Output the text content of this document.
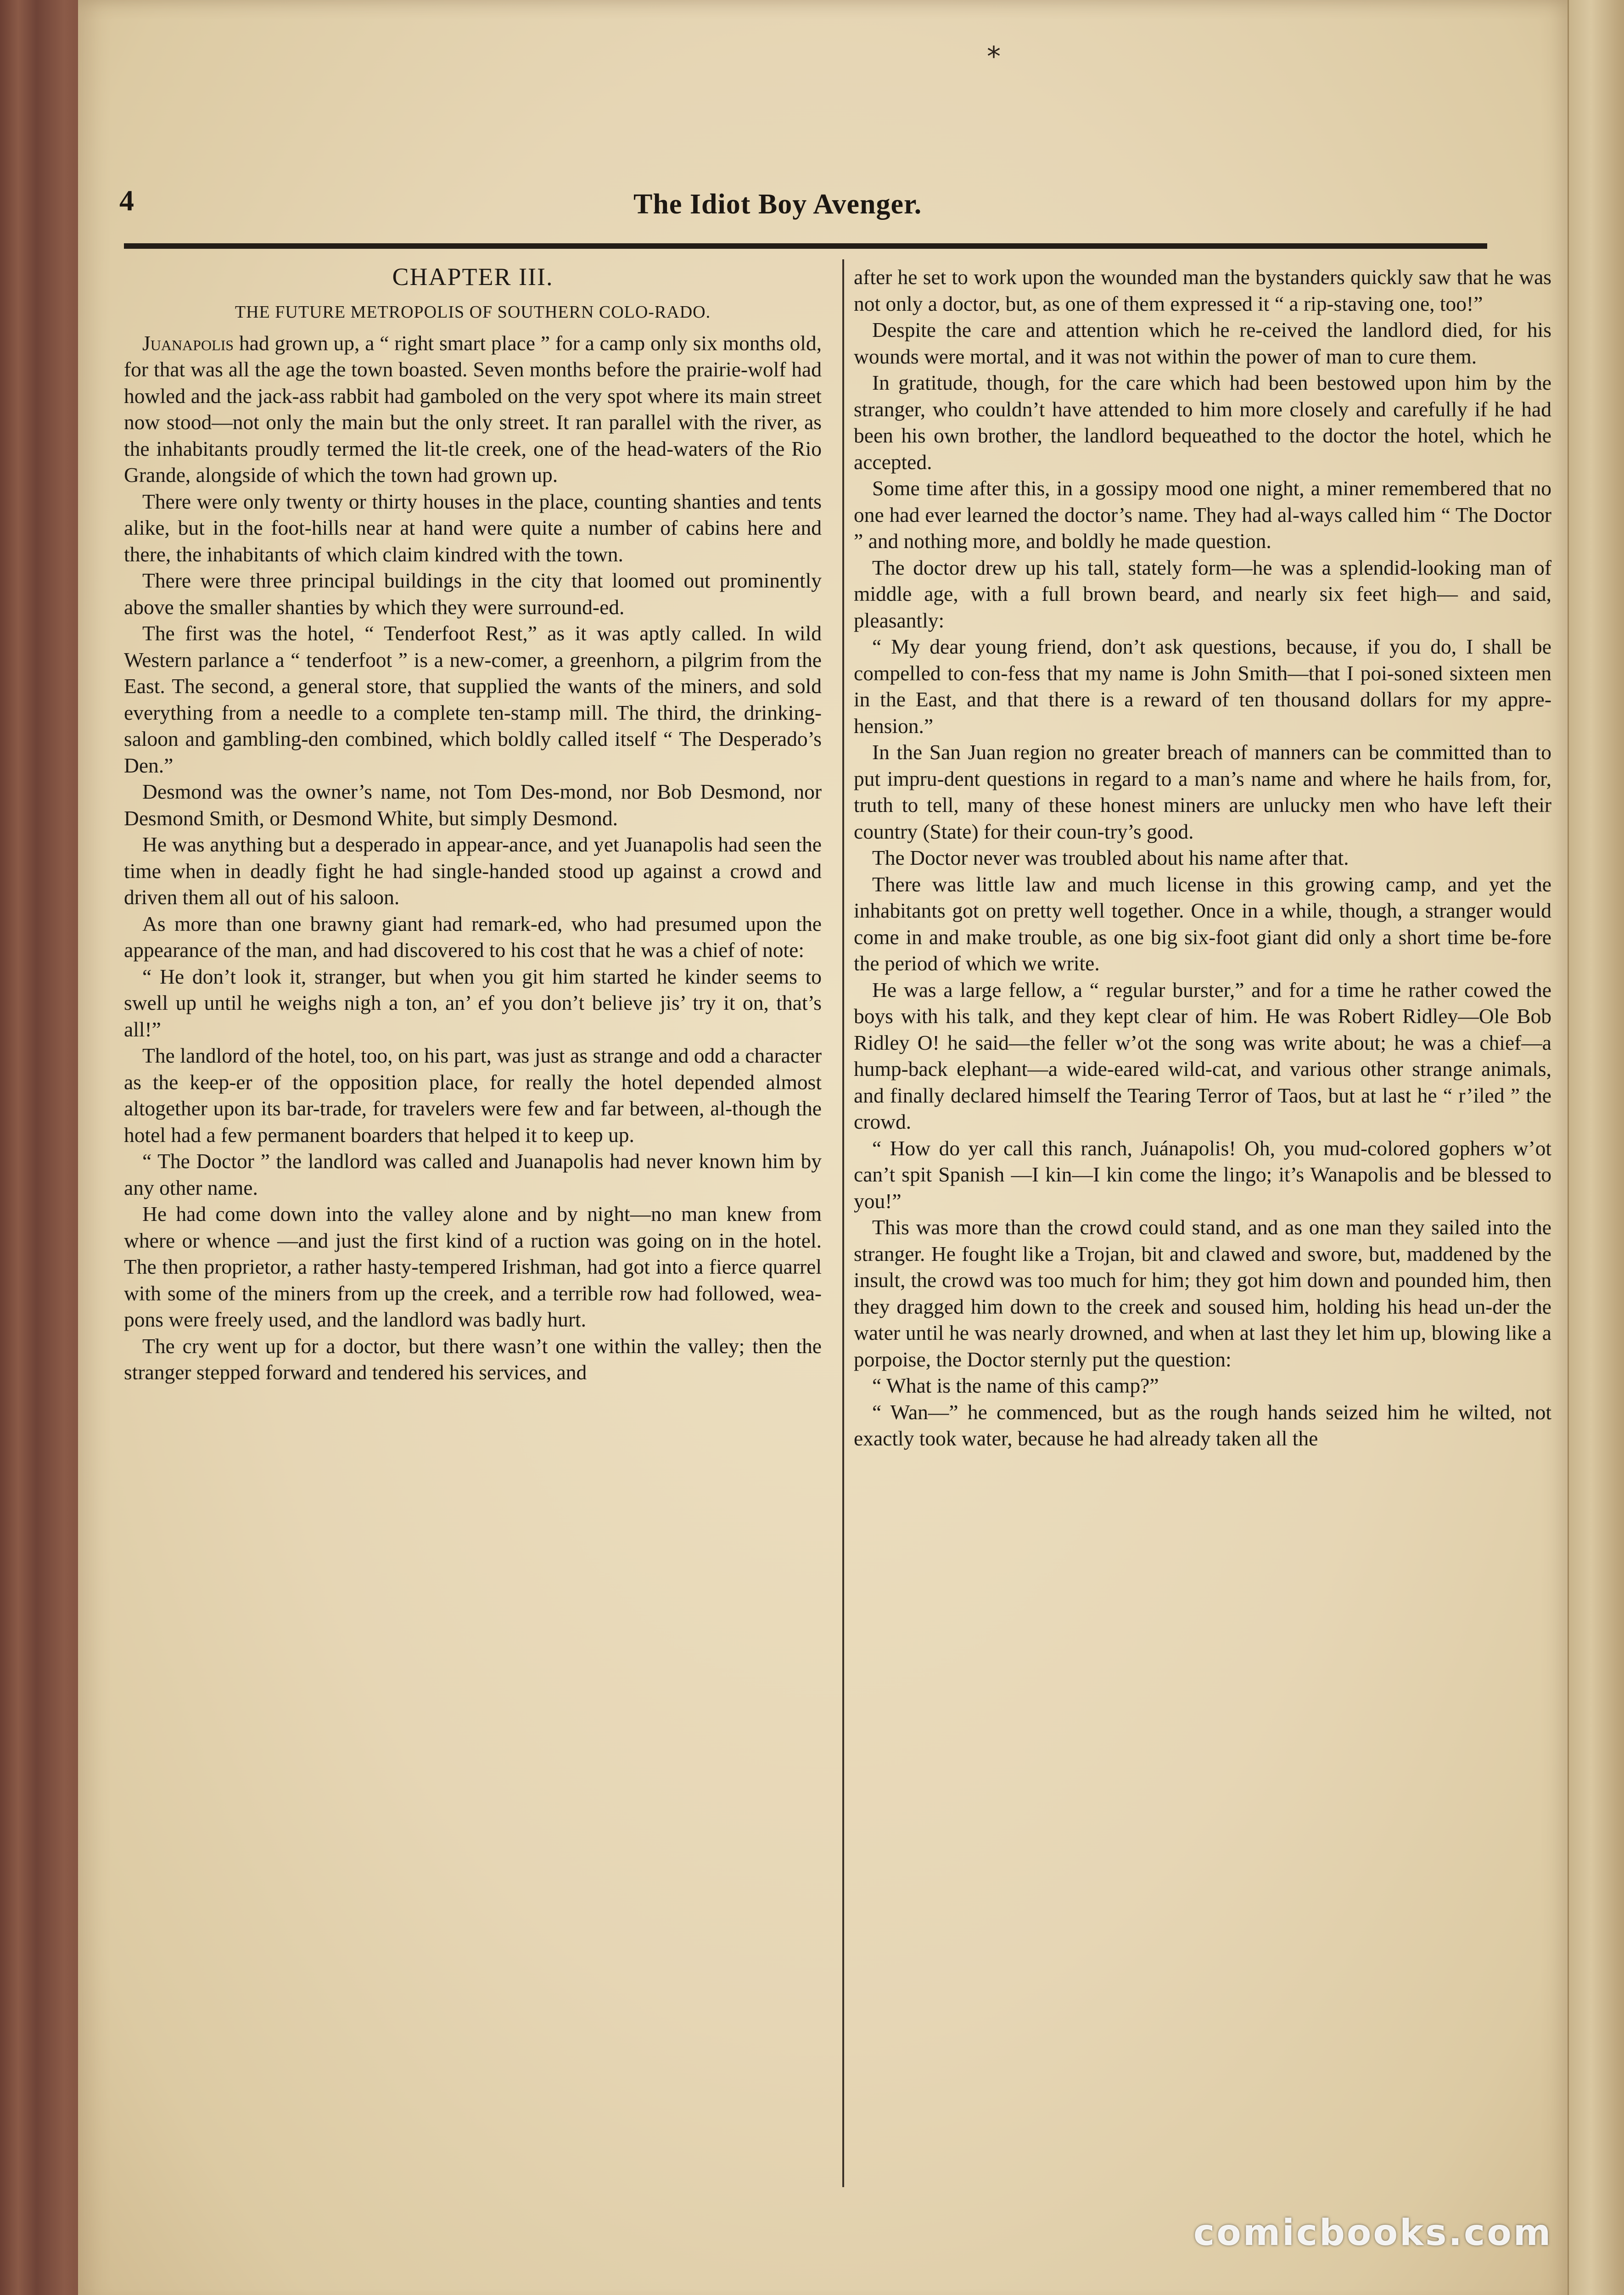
⁎
4	The Idiot Boy Avenger.
CHAPTER III.
THE FUTURE METROPOLIS OF SOUTHERN COLO-RADO.

Juanapolis had grown up, a “ right smart place ” for a camp only six months old, for that was all the age the town boasted. Seven months before the prairie-wolf had howled and the jack-ass rabbit had gamboled on the very spot where its main street now stood—not only the main but the only street. It ran parallel with the river, as the inhabitants proudly termed the lit-tle creek, one of the head-waters of the Rio Grande, alongside of which the town had grown up.

There were only twenty or thirty houses in the place, counting shanties and tents alike, but in the foot-hills near at hand were quite a number of cabins here and there, the inhabitants of which claim kindred with the town.

There were three principal buildings in the city that loomed out prominently above the smaller shanties by which they were surround-ed.

The first was the hotel, “ Tenderfoot Rest,” as it was aptly called. In wild Western parlance a “ tenderfoot ” is a new-comer, a greenhorn, a pilgrim from the East. The second, a general store, that supplied the wants of the miners, and sold everything from a needle to a complete ten-stamp mill. The third, the drinking-saloon and gambling-den combined, which boldly called itself “ The Desperado’s Den.”

Desmond was the owner’s name, not Tom Des-mond, nor Bob Desmond, nor Desmond Smith, or Desmond White, but simply Desmond.

He was anything but a desperado in appear-ance, and yet Juanapolis had seen the time when in deadly fight he had single-handed stood up against a crowd and driven them all out of his saloon.

As more than one brawny giant had remark-ed, who had presumed upon the appearance of the man, and had discovered to his cost that he was a chief of note:

“ He don’t look it, stranger, but when you git him started he kinder seems to swell up until he weighs nigh a ton, an’ ef you don’t believe jis’ try it on, that’s all!”

The landlord of the hotel, too, on his part, was just as strange and odd a character as the keep-er of the opposition place, for really the hotel depended almost altogether upon its bar-trade, for travelers were few and far between, al-though the hotel had a few permanent boarders that helped it to keep up.

“ The Doctor ” the landlord was called and Juanapolis had never known him by any other name.

He had come down into the valley alone and by night—no man knew from where or whence —and just the first kind of a ruction was going on in the hotel. The then proprietor, a rather hasty-tempered Irishman, had got into a fierce quarrel with some of the miners from up the creek, and a terrible row had followed, wea-pons were freely used, and the landlord was badly hurt.

The cry went up for a doctor, but there wasn’t one within the valley; then the stranger stepped forward and tendered his services, and

after he set to work upon the wounded man the bystanders quickly saw that he was not only a doctor, but, as one of them expressed it “ a rip-staving one, too!”

Despite the care and attention which he re-ceived the landlord died, for his wounds were mortal, and it was not within the power of man to cure them.

In gratitude, though, for the care which had been bestowed upon him by the stranger, who couldn’t have attended to him more closely and carefully if he had been his own brother, the landlord bequeathed to the doctor the hotel, which he accepted.

Some time after this, in a gossipy mood one night, a miner remembered that no one had ever learned the doctor’s name. They had al-ways called him “ The Doctor ” and nothing more, and boldly he made question.

The doctor drew up his tall, stately form—he was a splendid-looking man of middle age, with a full brown beard, and nearly six feet high— and said, pleasantly:

“ My dear young friend, don’t ask questions, because, if you do, I shall be compelled to con-fess that my name is John Smith—that I poi-soned sixteen men in the East, and that there is a reward of ten thousand dollars for my appre-hension.”

In the San Juan region no greater breach of manners can be committed than to put impru-dent questions in regard to a man’s name and where he hails from, for, truth to tell, many of these honest miners are unlucky men who have left their country (State) for their coun-try’s good.

The Doctor never was troubled about his name after that.

There was little law and much license in this growing camp, and yet the inhabitants got on pretty well together. Once in a while, though, a stranger would come in and make trouble, as one big six-foot giant did only a short time be-fore the period of which we write.

He was a large fellow, a “ regular burster,” and for a time he rather cowed the boys with his talk, and they kept clear of him. He was Robert Ridley—Ole Bob Ridley O! he said—the feller w’ot the song was write about; he was a chief—a hump-back elephant—a wide-eared wild-cat, and various other strange animals, and finally declared himself the Tearing Terror of Taos, but at last he “ r’iled ” the crowd.

“ How do yer call this ranch, Juánapolis! Oh, you mud-colored gophers w’ot can’t spit Spanish —I kin—I kin come the lingo; it’s Wanapolis and be blessed to you!”

This was more than the crowd could stand, and as one man they sailed into the stranger. He fought like a Trojan, bit and clawed and swore, but, maddened by the insult, the crowd was too much for him; they got him down and pounded him, then they dragged him down to the creek and soused him, holding his head un-der the water until he was nearly drowned, and when at last they let him up, blowing like a porpoise, the Doctor sternly put the question:

“ What is the name of this camp?”

“ Wan—” he commenced, but as the rough hands seized him he wilted, not exactly took water, because he had already taken all the

comicbooks.com
